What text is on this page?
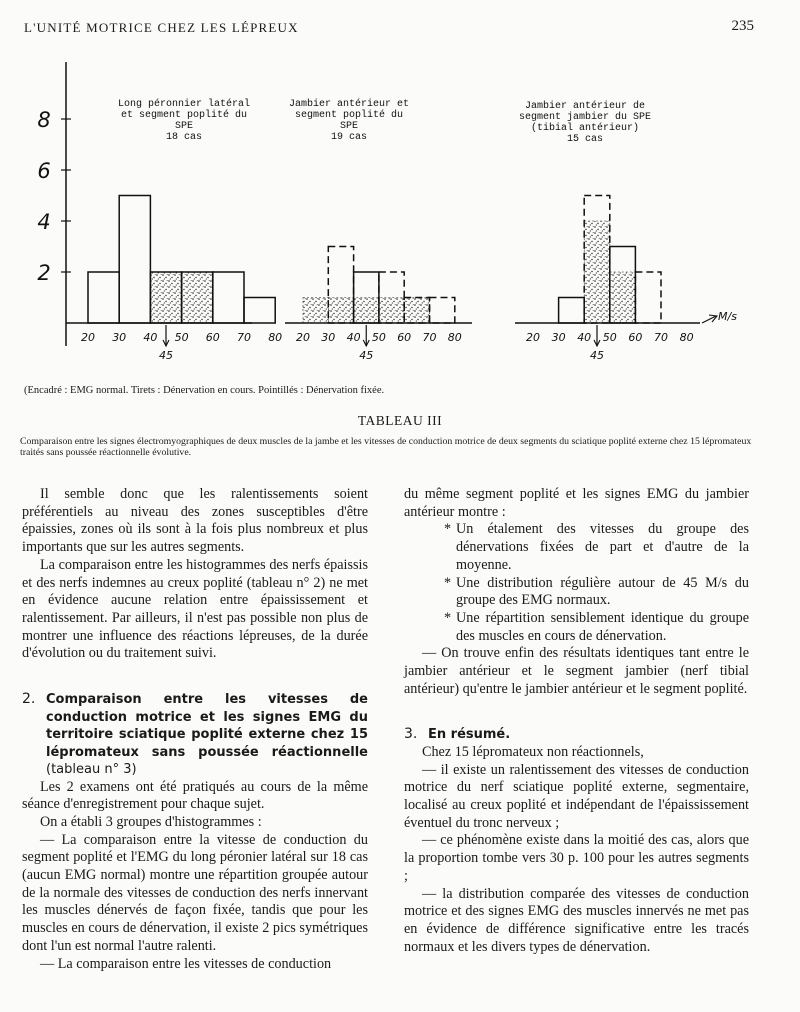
L'UNITÉ MOTRICE CHEZ LES LÉPREUX	235
2
4
6
8
20 30 40 50 60 70 80
45
Long péronnier latéral
et segment poplité du
SPE
18 cas
20 30 40 50 60 70 80
45
Jambier antérieur et
segment poplité du
SPE
19 cas
20 30 40 50 60 70 80
45
Jambier antérieur de
segment jambier du SPE
(tibial antérieur)
15 cas
M/s
(Encadré : EMG normal. Tirets : Dénervation en cours. Pointillés : Dénervation fixée.
TABLEAU III
Comparaison entre les signes électromyographiques de deux muscles de la jambe et les vitesses de conduction motrice de deux segments du sciatique poplité externe chez 15 lépromateux traités sans poussée réactionnelle évolutive.

Il semble donc que les ralentissements soient préférentiels au niveau des zones susceptibles d'être épaissies, zones où ils sont à la fois plus nombreux et plus importants que sur les autres segments.

La comparaison entre les histogrammes des nerfs épaissis et des nerfs indemnes au creux poplité (tableau n° 2) ne met en évidence aucune relation entre épaississement et ralentissement. Par ailleurs, il n'est pas possible non plus de montrer une influence des réactions lépreuses, de la durée d'évolution ou du traitement suivi.

2. Comparaison entre les vitesses de conduction motrice et les signes EMG du territoire sciatique poplité externe chez 15 lépromateux sans poussée réactionnelle (tableau n° 3)

Les 2 examens ont été pratiqués au cours de la même séance d'enregistrement pour chaque sujet.

On a établi 3 groupes d'histogrammes :

— La comparaison entre la vitesse de conduction du segment poplité et l'EMG du long péronier latéral sur 18 cas (aucun EMG normal) montre une répartition groupée autour de la normale des vitesses de conduction des nerfs innervant les muscles dénervés de façon fixée, tandis que pour les muscles en cours de dénervation, il existe 2 pics symétriques dont l'un est normal l'autre ralenti.

— La comparaison entre les vitesses de conduction

du même segment poplité et les signes EMG du jambier antérieur montre :

* Un étalement des vitesses du groupe des dénervations fixées de part et d'autre de la moyenne.

* Une distribution régulière autour de 45 M/s du groupe des EMG normaux.

* Une répartition sensiblement identique du groupe des muscles en cours de dénervation.

— On trouve enfin des résultats identiques tant entre le jambier antérieur et le segment jambier (nerf tibial antérieur) qu'entre le jambier antérieur et le segment poplité.

3. En résumé.

Chez 15 lépromateux non réactionnels,

— il existe un ralentissement des vitesses de conduction motrice du nerf sciatique poplité externe, segmentaire, localisé au creux poplité et indépendant de l'épaississement éventuel du tronc nerveux ;

— ce phénomène existe dans la moitié des cas, alors que la proportion tombe vers 30 p. 100 pour les autres segments ;

— la distribution comparée des vitesses de conduction motrice et des signes EMG des muscles innervés ne met pas en évidence de différence significative entre les tracés normaux et les divers types de dénervation.
